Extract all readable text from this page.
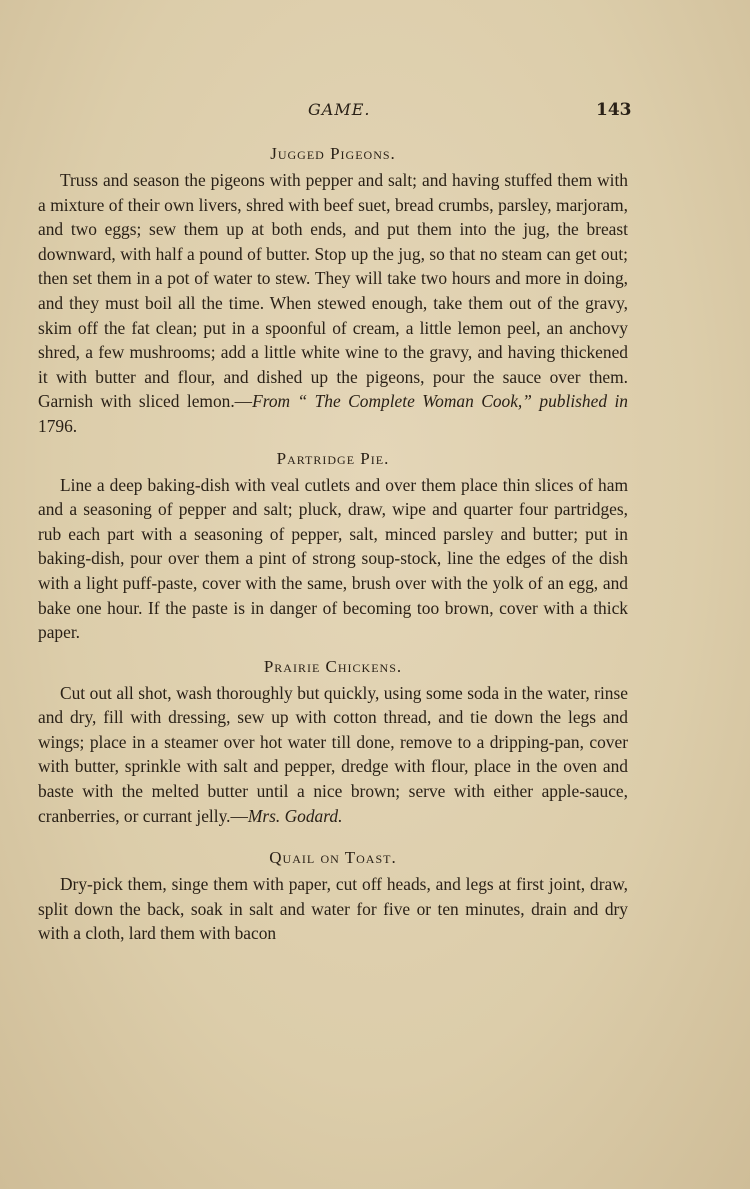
GAME.	143
Jugged Pigeons.

Truss and season the pigeons with pepper and salt; and having stuffed them with a mixture of their own livers, shred with beef suet, bread crumbs, parsley, marjoram, and two eggs; sew them up at both ends, and put them into the jug, the breast downward, with half a pound of butter. Stop up the jug, so that no steam can get out; then set them in a pot of water to stew. They will take two hours and more in doing, and they must boil all the time. When stewed enough, take them out of the gravy, skim off the fat clean; put in a spoonful of cream, a little lemon peel, an anchovy shred, a few mushrooms; add a little white wine to the gravy, and having thickened it with butter and flour, and dished up the pigeons, pour the sauce over them. Garnish with sliced lemon.—From “ The Complete Woman Cook,” published in 1796.

Partridge Pie.

Line a deep baking-dish with veal cutlets and over them place thin slices of ham and a seasoning of pepper and salt; pluck, draw, wipe and quarter four partridges, rub each part with a seasoning of pepper, salt, minced parsley and butter; put in baking-dish, pour over them a pint of strong soup-stock, line the edges of the dish with a light puff-paste, cover with the same, brush over with the yolk of an egg, and bake one hour. If the paste is in danger of becoming too brown, cover with a thick paper.

Prairie Chickens.

Cut out all shot, wash thoroughly but quickly, using some soda in the water, rinse and dry, fill with dressing, sew up with cotton thread, and tie down the legs and wings; place in a steamer over hot water till done, remove to a dripping-pan, cover with butter, sprinkle with salt and pepper, dredge with flour, place in the oven and baste with the melted butter until a nice brown; serve with either apple-sauce, cranberries, or currant jelly.—Mrs. Godard.

Quail on Toast.

Dry-pick them, singe them with paper, cut off heads, and legs at first joint, draw, split down the back, soak in salt and water for five or ten minutes, drain and dry with a cloth, lard them with bacon
